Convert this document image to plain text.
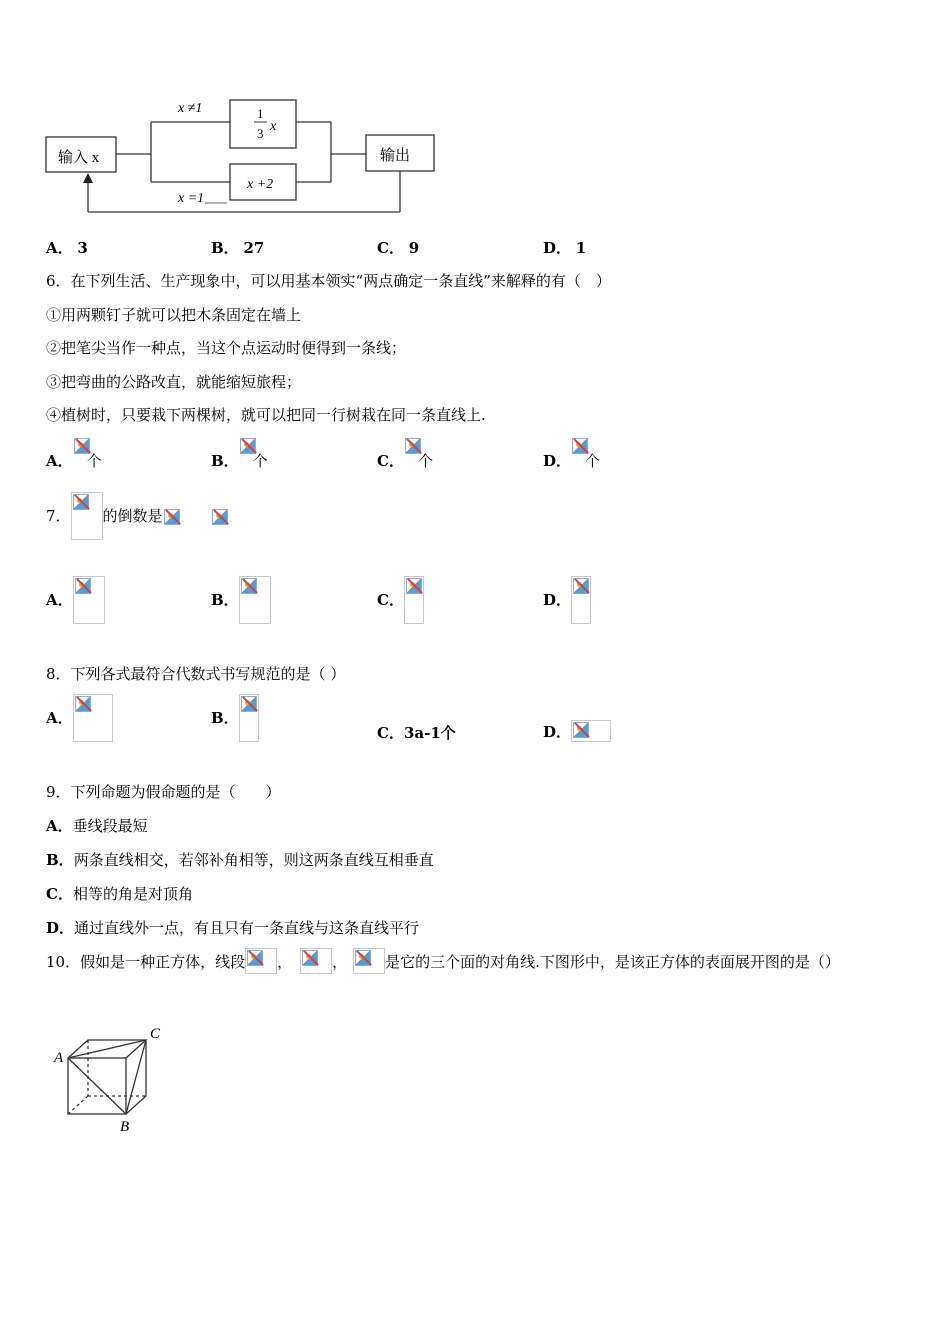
输入 x	输出
x ≠1
x =1
1
3 x
x +2
A． 3	B． 27	C． 9	D． 1
6．在下列生活、生产现象中，可以用基本领实“两点确定一条直线”来解释的有（　）
①用两颗钉子就可以把木条固定在墙上
②把笔尖当作一种点，当这个点运动时便得到一条线；
③把弯曲的公路改直，就能缩短旅程；
④植树时，只要栽下两棵树，就可以把同一行树栽在同一条直线上.
A． 个	B． 个	C． 个	D． 个
7． 的倒数是

A．	B．	C．	D．
8．下列各式最符合代数式书写规范的是（ ）
A．	B．
C．3a-1个	D．
9．下列命题为假命题的是（　　）
A．垂线段最短
B．两条直线相交，若邻补角相等，则这两条直线互相垂直
C．相等的角是对顶角
D．通过直线外一点，有且只有一条直线与这条直线平行
10．假如是一种正方体，线段 ，	，	是它的三个面的对角线.下图形中，是该正方体的表面展开图的是（）
A
B
C
